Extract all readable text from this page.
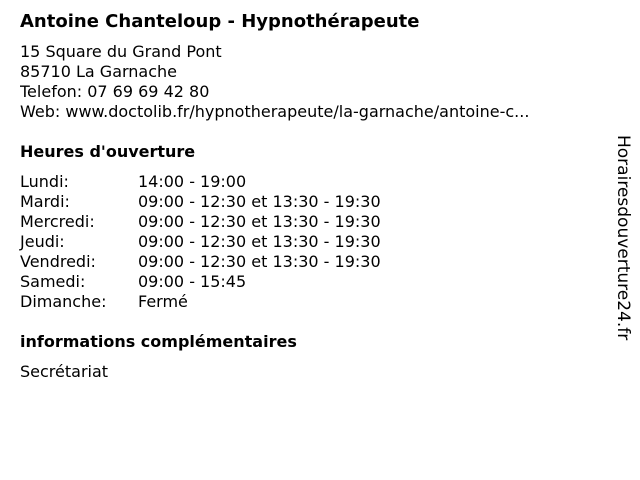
Antoine Chanteloup - Hypnothérapeute
15 Square du Grand Pont
85710 La Garnache
Telefon: 07 69 69 42 80
Web: www.doctolib.fr/hypnotherapeute/la-garnache/antoine-c...
Heures d'ouverture
Lundi:	14:00 - 19:00
Mardi:	09:00 - 12:30 et 13:30 - 19:30
Mercredi:	09:00 - 12:30 et 13:30 - 19:30
Jeudi:	09:00 - 12:30 et 13:30 - 19:30
Vendredi:	09:00 - 12:30 et 13:30 - 19:30
Samedi:	09:00 - 15:45
Dimanche:	Fermé
informations complémentaires
Secrétariat
Horairesdouverture24.fr
